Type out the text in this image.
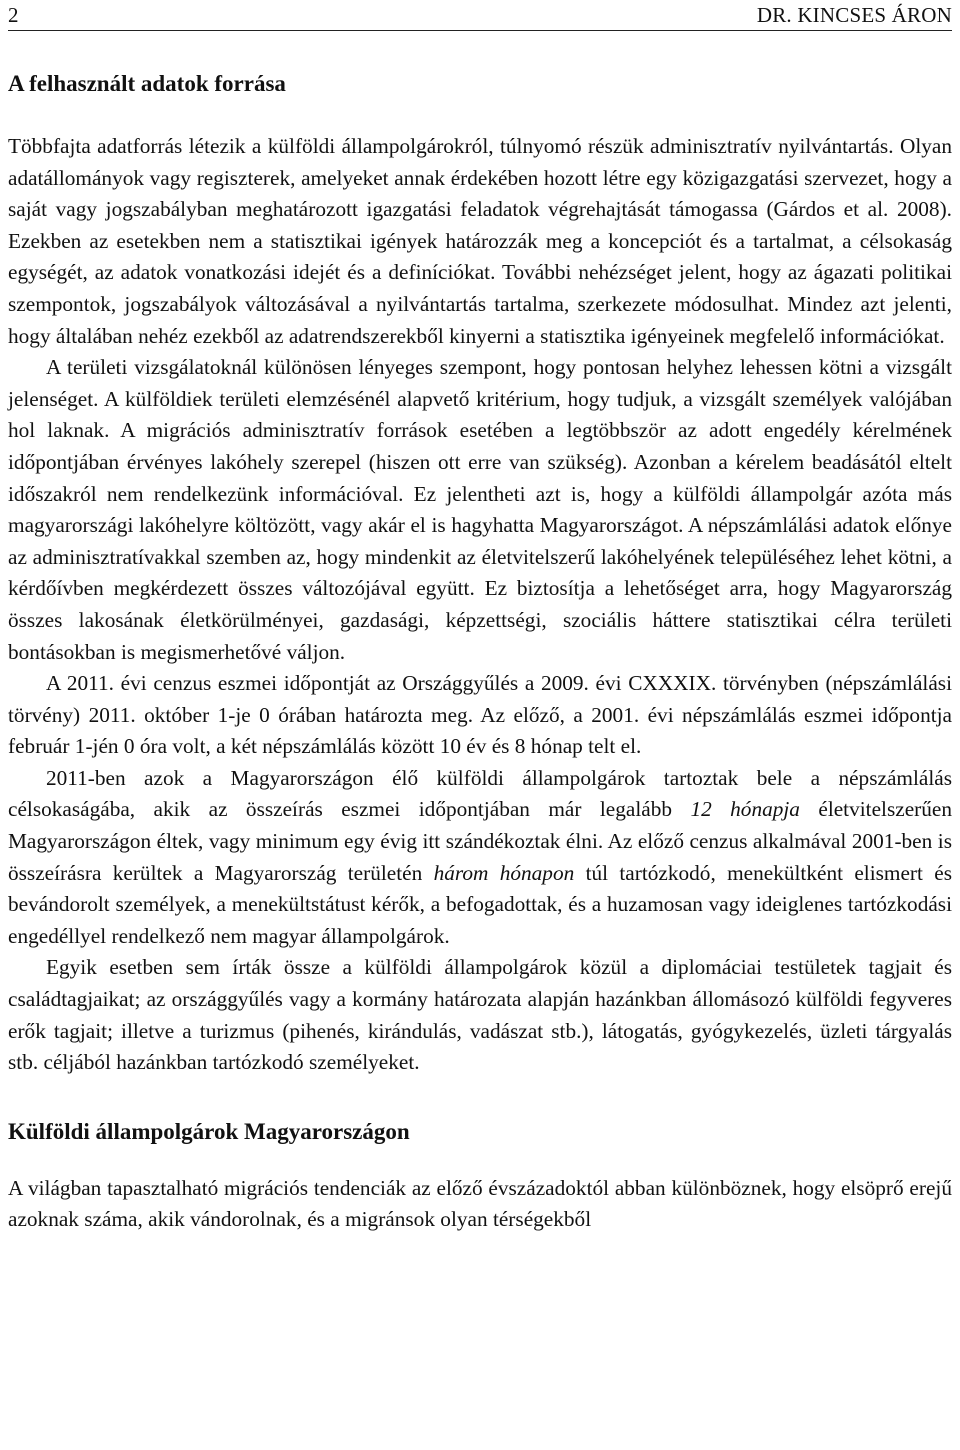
2	DR. KINCSES ÁRON
A felhasznált adatok forrása

Többfajta adatforrás létezik a külföldi állampolgárokról, túlnyomó részük adminisztratív nyilvántartás. Olyan adatállományok vagy regiszterek, amelyeket annak érdekében hozott létre egy közigazgatási szervezet, hogy a saját vagy jogszabályban meghatározott igazgatási feladatok végrehajtását támogassa (Gárdos et al. 2008). Ezekben az esetekben nem a statisztikai igények határozzák meg a koncepciót és a tartalmat, a célsokaság egységét, az adatok vonatkozási idejét és a definíciókat. További nehézséget jelent, hogy az ágazati politikai szempontok, jogszabályok változásával a nyilvántartás tartalma, szerkezete módosulhat. Mindez azt jelenti, hogy általában nehéz ezekből az adatrendszerekből kinyerni a statisztika igényeinek megfelelő információkat.

A területi vizsgálatoknál különösen lényeges szempont, hogy pontosan helyhez lehessen kötni a vizsgált jelenséget. A külföldiek területi elemzésénél alapvető kritérium, hogy tudjuk, a vizsgált személyek valójában hol laknak. A migrációs adminisztratív források esetében a legtöbbször az adott engedély kérelmének időpontjában érvényes lakóhely szerepel (hiszen ott erre van szükség). Azonban a kérelem beadásától eltelt időszakról nem rendelkezünk információval. Ez jelentheti azt is, hogy a külföldi állampolgár azóta más magyarországi lakóhelyre költözött, vagy akár el is hagyhatta Magyarországot. A népszámlálási adatok előnye az adminisztratívakkal szemben az, hogy mindenkit az életvitelszerű lakóhelyének településéhez lehet kötni, a kérdőívben megkérdezett összes változójával együtt. Ez biztosítja a lehetőséget arra, hogy Magyarország összes lakosának életkörülményei, gazdasági, képzettségi, szociális háttere statisztikai célra területi bontásokban is megismerhetővé váljon.

A 2011. évi cenzus eszmei időpontját az Országgyűlés a 2009. évi CXXXIX. törvényben (népszámlálási törvény) 2011. október 1-je 0 órában határozta meg. Az előző, a 2001. évi népszámlálás eszmei időpontja február 1-jén 0 óra volt, a két népszámlálás között 10 év és 8 hónap telt el.

2011-ben azok a Magyarországon élő külföldi állampolgárok tartoztak bele a népszámlálás célsokaságába, akik az összeírás eszmei időpontjában már legalább 12 hónapja életvitelszerűen Magyarországon éltek, vagy minimum egy évig itt szándékoztak élni. Az előző cenzus alkalmával 2001-ben is összeírásra kerültek a Magyarország területén három hónapon túl tartózkodó, menekültként elismert és bevándorolt személyek, a menekültstátust kérők, a befogadottak, és a huzamosan vagy ideiglenes tartózkodási engedéllyel rendelkező nem magyar állampolgárok.

Egyik esetben sem írták össze a külföldi állampolgárok közül a diplomáciai testületek tagjait és családtagjaikat; az országgyűlés vagy a kormány határozata alapján hazánkban állomásozó külföldi fegyveres erők tagjait; illetve a turizmus (pihenés, kirándulás, vadászat stb.), látogatás, gyógykezelés, üzleti tárgyalás stb. céljából hazánkban tartózkodó személyeket.

Külföldi állampolgárok Magyarországon

A világban tapasztalható migrációs tendenciák az előző évszázadoktól abban különböznek, hogy elsöprő erejű azoknak száma, akik vándorolnak, és a migránsok olyan térségekből
